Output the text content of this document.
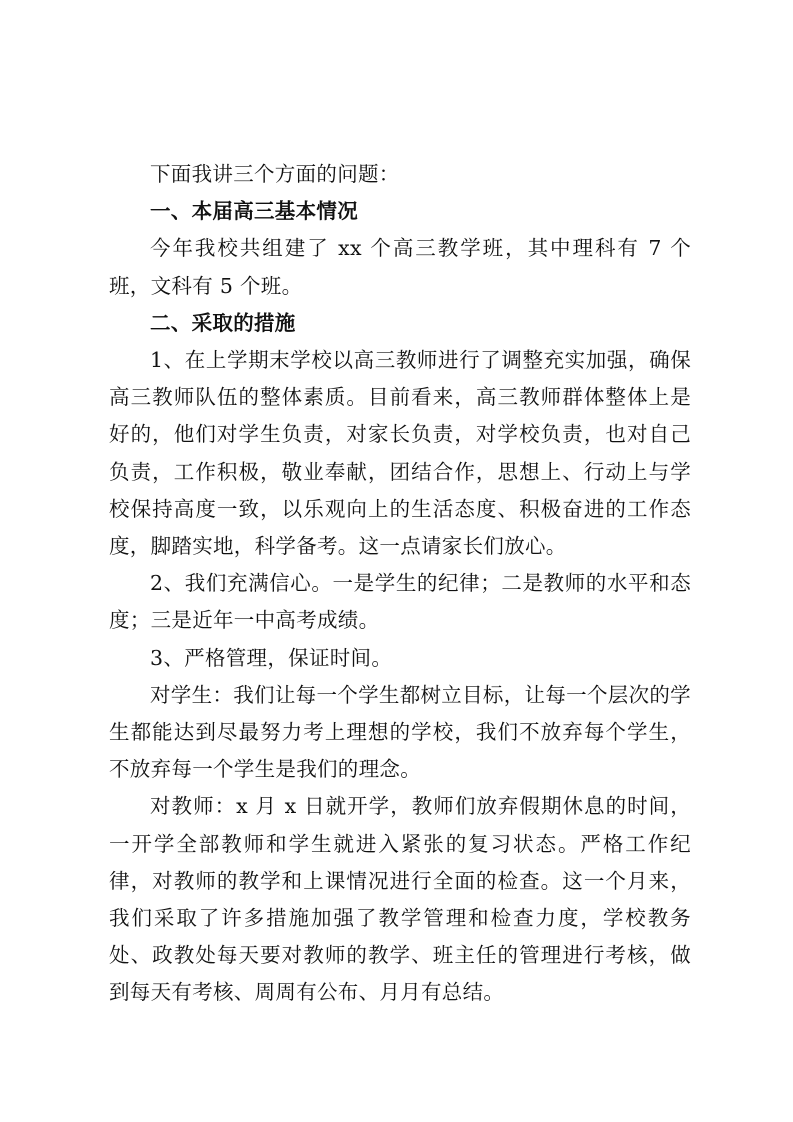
下面我讲三个方面的问题：

一、本届高三基本情况

今年我校共组建了 xx 个高三教学班，其中理科有 7 个班，文科有 5 个班。

二、采取的措施

1、在上学期末学校以高三教师进行了调整充实加强，确保高三教师队伍的整体素质。目前看来，高三教师群体整体上是好的，他们对学生负责，对家长负责，对学校负责，也对自己负责，工作积极，敬业奉献，团结合作，思想上、行动上与学校保持高度一致，以乐观向上的生活态度、积极奋进的工作态度，脚踏实地，科学备考。这一点请家长们放心。

2、我们充满信心。一是学生的纪律；二是教师的水平和态度；三是近年一中高考成绩。

3、严格管理，保证时间。

对学生：我们让每一个学生都树立目标，让每一个层次的学生都能达到尽最努力考上理想的学校，我们不放弃每个学生，不放弃每一个学生是我们的理念。

对教师：x 月 x 日就开学，教师们放弃假期休息的时间，一开学全部教师和学生就进入紧张的复习状态。严格工作纪律，对教师的教学和上课情况进行全面的检查。这一个月来，我们采取了许多措施加强了教学管理和检查力度，学校教务处、政教处每天要对教师的教学、班主任的管理进行考核，做到每天有考核、周周有公布、月月有总结。
